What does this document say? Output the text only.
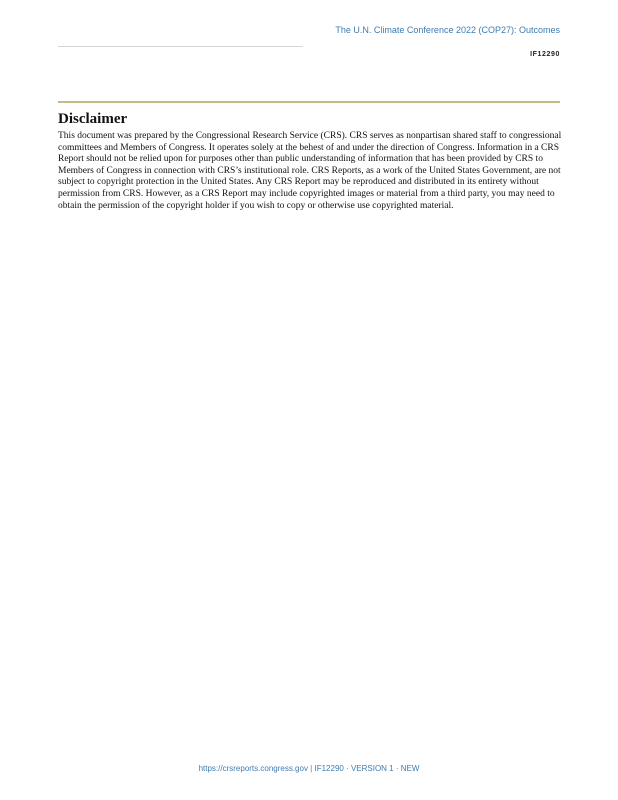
The U.N. Climate Conference 2022 (COP27): Outcomes
IF12290
Disclaimer

This document was prepared by the Congressional Research Service (CRS). CRS serves as nonpartisan shared staff to congressional committees and Members of Congress. It operates solely at the behest of and under the direction of Congress. Information in a CRS Report should not be relied upon for purposes other than public understanding of information that has been provided by CRS to Members of Congress in connection with CRS’s institutional role. CRS Reports, as a work of the United States Government, are not subject to copyright protection in the United States. Any CRS Report may be reproduced and distributed in its entirety without permission from CRS. However, as a CRS Report may include copyrighted images or material from a third party, you may need to obtain the permission of the copyright holder if you wish to copy or otherwise use copyrighted material.

https://crsreports.congress.gov | IF12290 · VERSION 1 · NEW
